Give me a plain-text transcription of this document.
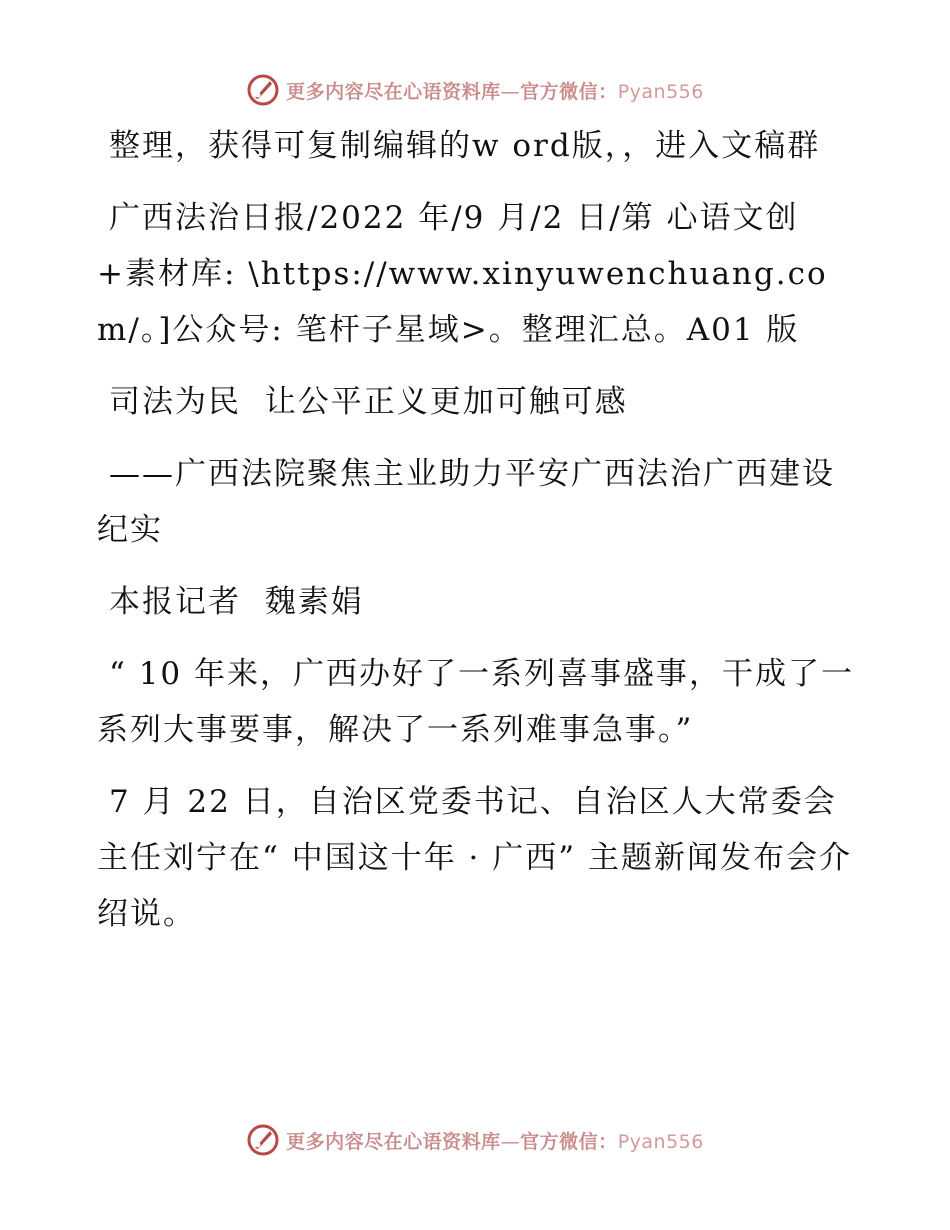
更多内容尽在心语资料库—官方微信：Pyan556

整理，获得可复制编辑的w ord版，，进入文稿群

广西法治日报/2022 年/9 月/2 日/第 心语文创+素材库: \https://www.xinyuwenchuang.com/。]公众号: 笔杆子星域>。整理汇总。A01 版

司法为民  让公平正义更加可触可感

——广西法院聚焦主业助力平安广西法治广西建设纪实

本报记者  魏素娟

“ 10 年来，广西办好了一系列喜事盛事，干成了一系列大事要事，解决了一系列难事急事。”

7 月 22 日，自治区党委书记、自治区人大常委会主任刘宁在“ 中国这十年 · 广西” 主题新闻发布会介绍说。

更多内容尽在心语资料库—官方微信：Pyan556
